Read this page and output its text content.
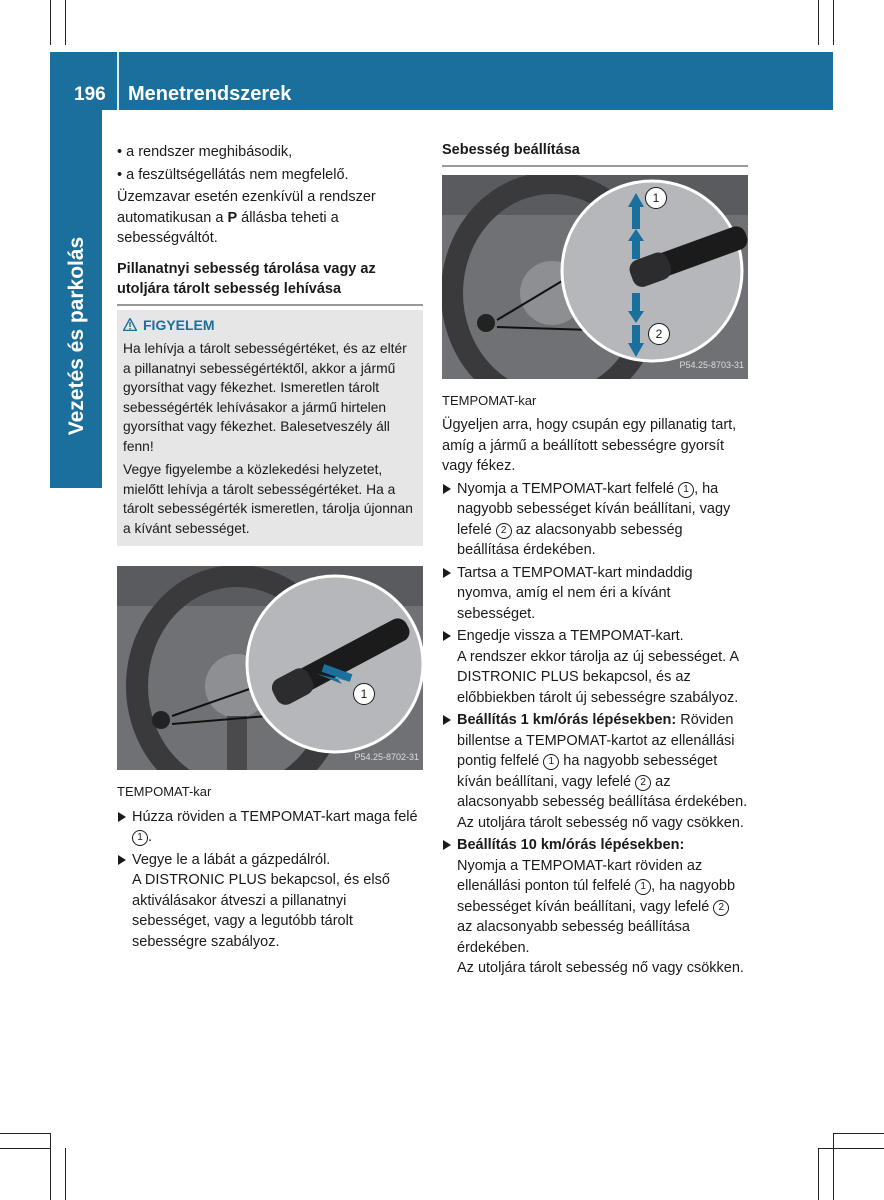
196 Menetrendszerek
Vezetés és parkolás

• a rendszer meghibásodik,

• a feszültségellátás nem megfelelő.

Üzemzavar esetén ezenkívül a rendszer automatikusan a P állásba teheti a sebességváltót.

Pillanatnyi sebesség tárolása vagy az utoljára tárolt sebesség lehívása

FIGYELEM

Ha lehívja a tárolt sebességértéket, és az eltér a pillanatnyi sebességértéktől, akkor a jármű gyorsíthat vagy fékezhet. Ismeretlen tárolt sebességérték lehívásakor a jármű hirtelen gyorsíthat vagy fékezhet. Balesetveszély áll fenn!

Vegye figyelembe a közlekedési helyzetet, mielőtt lehívja a tárolt sebességértéket. Ha a tárolt sebességérték ismeretlen, tárolja újonnan a kívánt sebességet.

P54.25-8702-31
1

TEMPOMAT-kar

Húzza röviden a TEMPOMAT-kart maga felé 1 .
Vegye le a lábát a gázpedálról.
A DISTRONIC PLUS bekapcsol, és első aktiválásakor átveszi a pillanatnyi sebességet, vagy a legutóbb tárolt sebességre szabályoz.

Sebesség beállítása

P54.25-8703-31
1
2

TEMPOMAT-kar

Ügyeljen arra, hogy csupán egy pillanatig tart, amíg a jármű a beállított sebességre gyorsít vagy fékez.

Nyomja a TEMPOMAT-kart felfelé 1 , ha nagyobb sebességet kíván beállítani, vagy lefelé 2 az alacsonyabb sebesség beállítása érdekében.
Tartsa a TEMPOMAT-kart mindaddig nyomva, amíg el nem éri a kívánt sebességet.
Engedje vissza a TEMPOMAT-kart.
A rendszer ekkor tárolja az új sebességet. A DISTRONIC PLUS bekapcsol, és az előbbiekben tárolt új sebességre szabályoz.
Beállítás 1 km/órás lépésekben: Röviden billentse a TEMPOMAT-kartot az ellenállási pontig felfelé 1 ha nagyobb sebességet kíván beállítani, vagy lefelé 2 az alacsonyabb sebesség beállítása érdekében. Az utoljára tárolt sebesség nő vagy csökken.
Beállítás 10 km/órás lépésekben:
Nyomja a TEMPOMAT-kart röviden az ellenállási ponton túl felfelé 1 , ha nagyobb sebességet kíván beállítani, vagy lefelé 2 az alacsonyabb sebesség beállítása érdekében.
Az utoljára tárolt sebesség nő vagy csökken.
